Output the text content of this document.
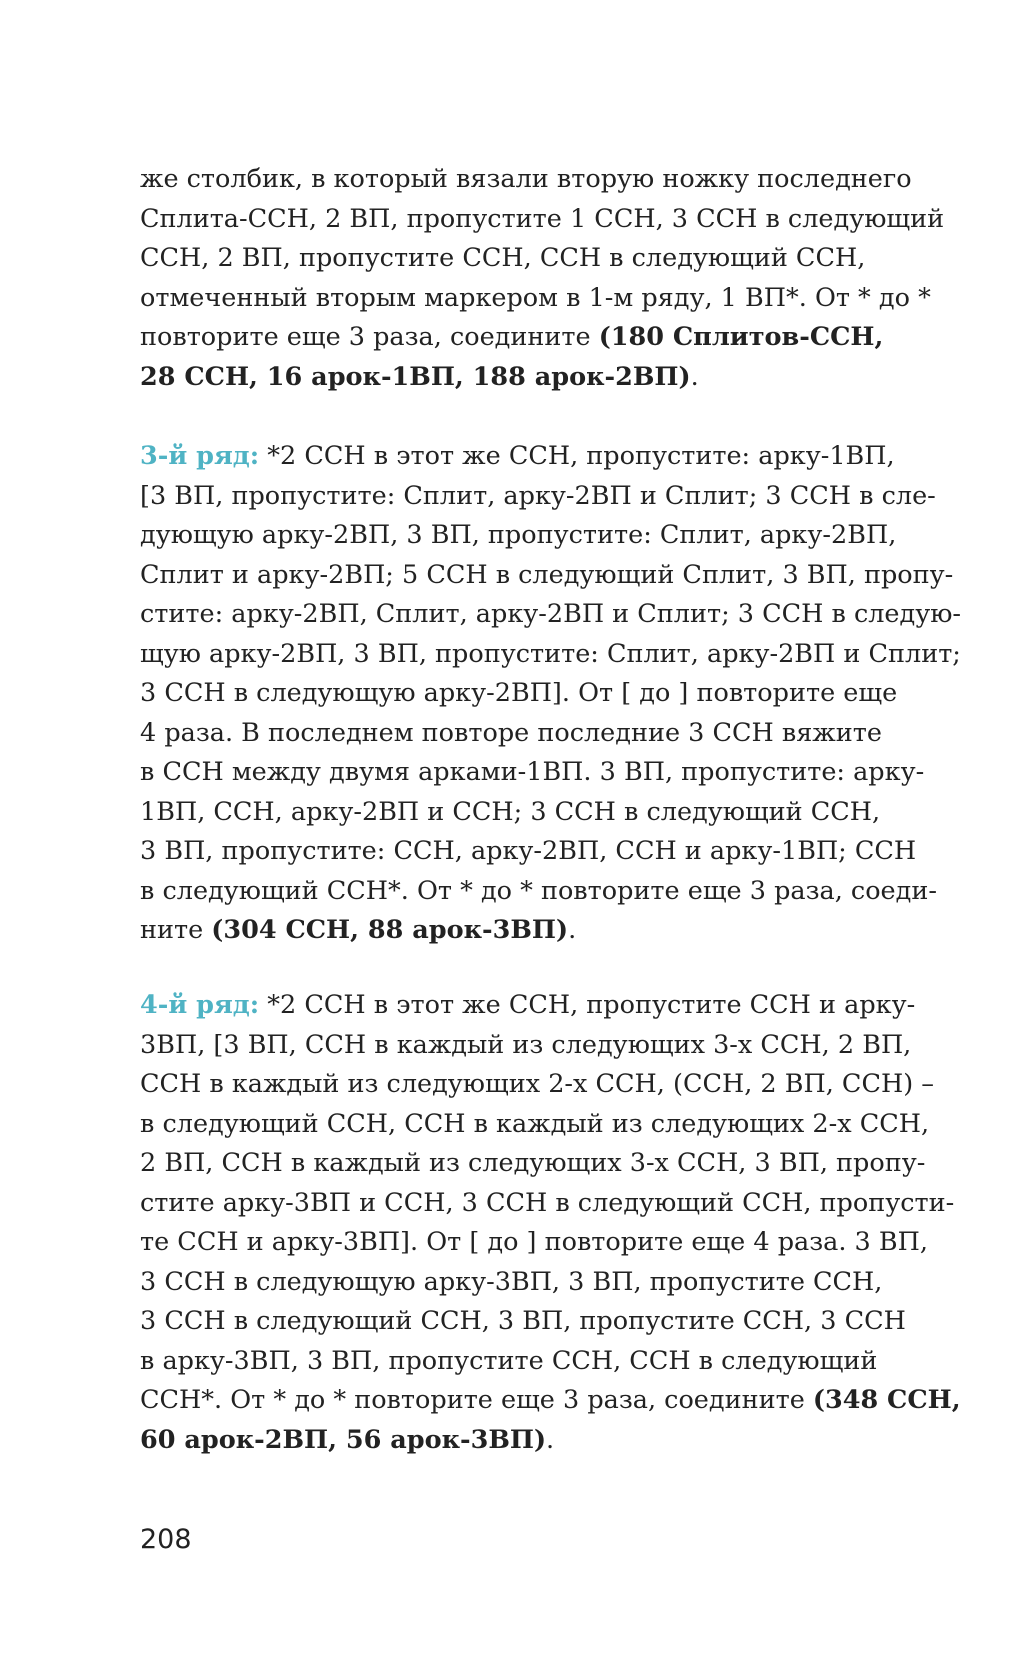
же столбик, в который вязали вторую ножку последнего
Сплита-ССН, 2 ВП, пропустите 1 ССН, 3 ССН в следующий
ССН, 2 ВП, пропустите ССН, ССН в следующий ССН,
отмеченный вторым маркером в 1-м ряду, 1 ВП*. От * до *
повторите еще 3 раза, соедините (180 Сплитов-ССН,
28 ССН, 16 арок-1ВП, 188 арок-2ВП).

3-й ряд: *2 ССН в этот же ССН, пропустите: арку-1ВП,
[3 ВП, пропустите: Сплит, арку-2ВП и Сплит; 3 ССН в сле-
дующую арку-2ВП, 3 ВП, пропустите: Сплит, арку-2ВП,
Сплит и арку-2ВП; 5 ССН в следующий Сплит, 3 ВП, пропу-
стите: арку-2ВП, Сплит, арку-2ВП и Сплит; 3 ССН в следую-
щую арку-2ВП, 3 ВП, пропустите: Сплит, арку-2ВП и Сплит;
3 ССН в следующую арку-2ВП]. От [ до ] повторите еще
4 раза. В последнем повторе последние 3 ССН вяжите
в ССН между двумя арками-1ВП. 3 ВП, пропустите: арку-
1ВП, ССН, арку-2ВП и ССН; 3 ССН в следующий ССН,
3 ВП, пропустите: ССН, арку-2ВП, ССН и арку-1ВП; ССН
в следующий ССН*. От * до * повторите еще 3 раза, соеди-
ните (304 ССН, 88 арок-3ВП).

4-й ряд: *2 ССН в этот же ССН, пропустите ССН и арку-
3ВП, [3 ВП, ССН в каждый из следующих 3-х ССН, 2 ВП,
ССН в каждый из следующих 2-х ССН, (ССН, 2 ВП, ССН) –
в следующий ССН, ССН в каждый из следующих 2-х ССН,
2 ВП, ССН в каждый из следующих 3-х ССН, 3 ВП, пропу-
стите арку-3ВП и ССН, 3 ССН в следующий ССН, пропусти-
те ССН и арку-3ВП]. От [ до ] повторите еще 4 раза. 3 ВП,
3 ССН в следующую арку-3ВП, 3 ВП, пропустите ССН,
3 ССН в следующий ССН, 3 ВП, пропустите ССН, 3 ССН
в арку-3ВП, 3 ВП, пропустите ССН, ССН в следующий
ССН*. От * до * повторите еще 3 раза, соедините (348 ССН,
60 арок-2ВП, 56 арок-3ВП).

208
